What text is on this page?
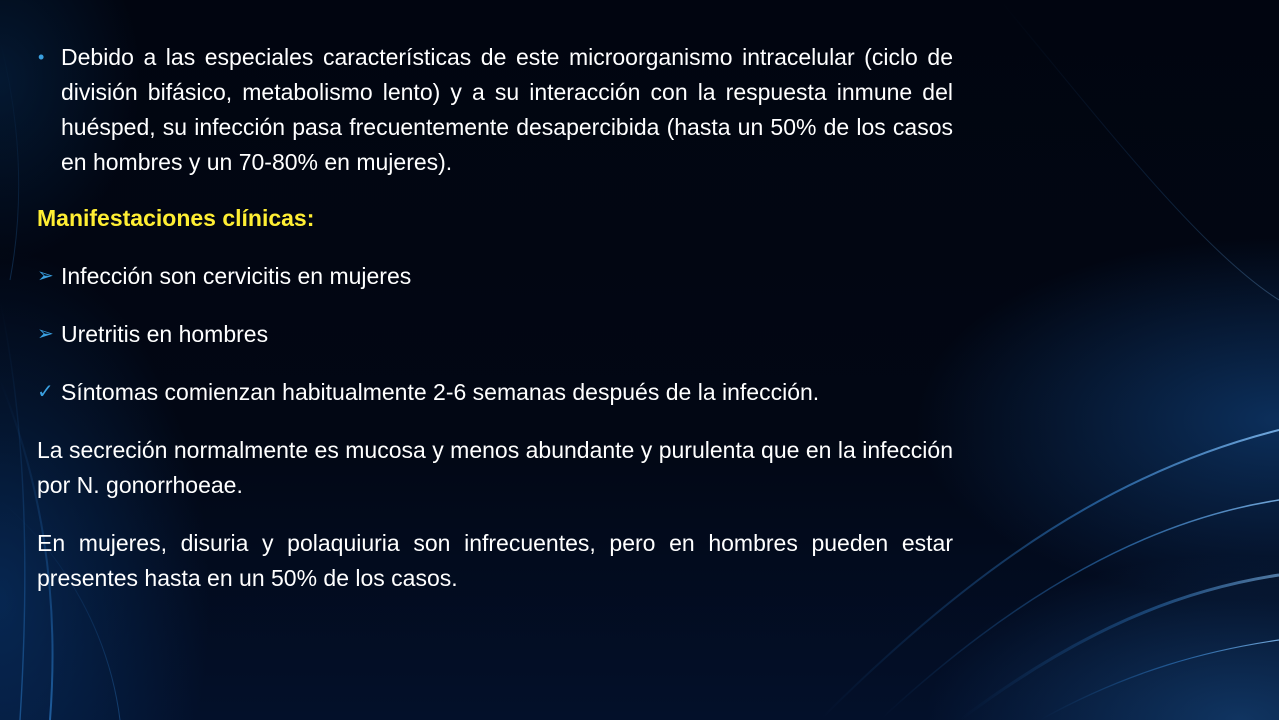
• Debido a las especiales características de este microorganismo intracelular (ciclo de división bifásico, metabolismo lento) y a su interacción con la respuesta inmune del huésped, su infección pasa frecuentemente desapercibida (hasta un 50% de los casos en hombres y un 70-80% en mujeres).

Manifestaciones clínicas:
➢ Infección son cervicitis en mujeres
➢ Uretritis en hombres
✓ Síntomas comienzan habitualmente 2-6 semanas después de la infección.

La secreción normalmente es mucosa y menos abundante y purulenta que en la infección por N. gonorrhoeae.

En mujeres, disuria y polaquiuria son infrecuentes, pero en hombres pueden estar presentes hasta en un 50% de los casos.
